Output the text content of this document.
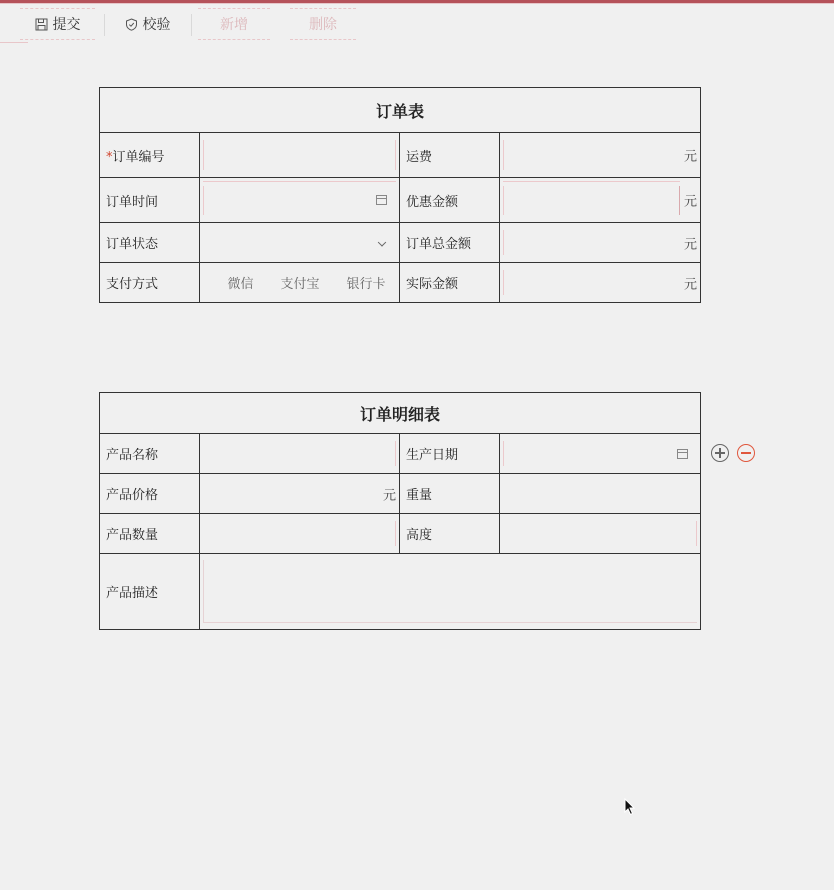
提交	校验	新增	删除
订单表			
*订单编号		运费	元

订单时间		优惠金额	元

订单状态		订单总金额	元

支付方式	微信 支付宝 银行卡	实际金额	元
订单明细表			
产品名称		生产日期	

产品价格	元	重量	
产品数量		高度	

产品描述			
